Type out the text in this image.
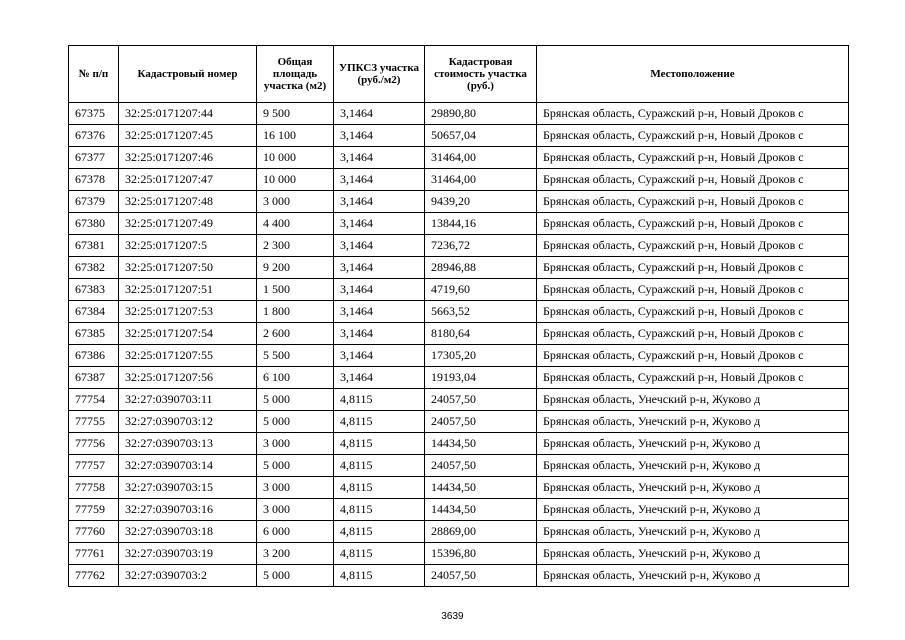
№ п/п	Кадастровый номер	Общая площадь участка (м2)	УПКСЗ участка (руб./м2)	Кадастровая стоимость участка (руб.)	Местоположение
67375	32:25:0171207:44	9 500	3,1464	29890,80	Брянская область, Суражский р-н, Новый Дроков с
67376	32:25:0171207:45	16 100	3,1464	50657,04	Брянская область, Суражский р-н, Новый Дроков с
67377	32:25:0171207:46	10 000	3,1464	31464,00	Брянская область, Суражский р-н, Новый Дроков с
67378	32:25:0171207:47	10 000	3,1464	31464,00	Брянская область, Суражский р-н, Новый Дроков с
67379	32:25:0171207:48	3 000	3,1464	9439,20	Брянская область, Суражский р-н, Новый Дроков с
67380	32:25:0171207:49	4 400	3,1464	13844,16	Брянская область, Суражский р-н, Новый Дроков с
67381	32:25:0171207:5	2 300	3,1464	7236,72	Брянская область, Суражский р-н, Новый Дроков с
67382	32:25:0171207:50	9 200	3,1464	28946,88	Брянская область, Суражский р-н, Новый Дроков с
67383	32:25:0171207:51	1 500	3,1464	4719,60	Брянская область, Суражский р-н, Новый Дроков с
67384	32:25:0171207:53	1 800	3,1464	5663,52	Брянская область, Суражский р-н, Новый Дроков с
67385	32:25:0171207:54	2 600	3,1464	8180,64	Брянская область, Суражский р-н, Новый Дроков с
67386	32:25:0171207:55	5 500	3,1464	17305,20	Брянская область, Суражский р-н, Новый Дроков с
67387	32:25:0171207:56	6 100	3,1464	19193,04	Брянская область, Суражский р-н, Новый Дроков с
77754	32:27:0390703:11	5 000	4,8115	24057,50	Брянская область, Унечский р-н, Жуково д
77755	32:27:0390703:12	5 000	4,8115	24057,50	Брянская область, Унечский р-н, Жуково д
77756	32:27:0390703:13	3 000	4,8115	14434,50	Брянская область, Унечский р-н, Жуково д
77757	32:27:0390703:14	5 000	4,8115	24057,50	Брянская область, Унечский р-н, Жуково д
77758	32:27:0390703:15	3 000	4,8115	14434,50	Брянская область, Унечский р-н, Жуково д
77759	32:27:0390703:16	3 000	4,8115	14434,50	Брянская область, Унечский р-н, Жуково д
77760	32:27:0390703:18	6 000	4,8115	28869,00	Брянская область, Унечский р-н, Жуково д
77761	32:27:0390703:19	3 200	4,8115	15396,80	Брянская область, Унечский р-н, Жуково д
77762	32:27:0390703:2	5 000	4,8115	24057,50	Брянская область, Унечский р-н, Жуково д
3639
